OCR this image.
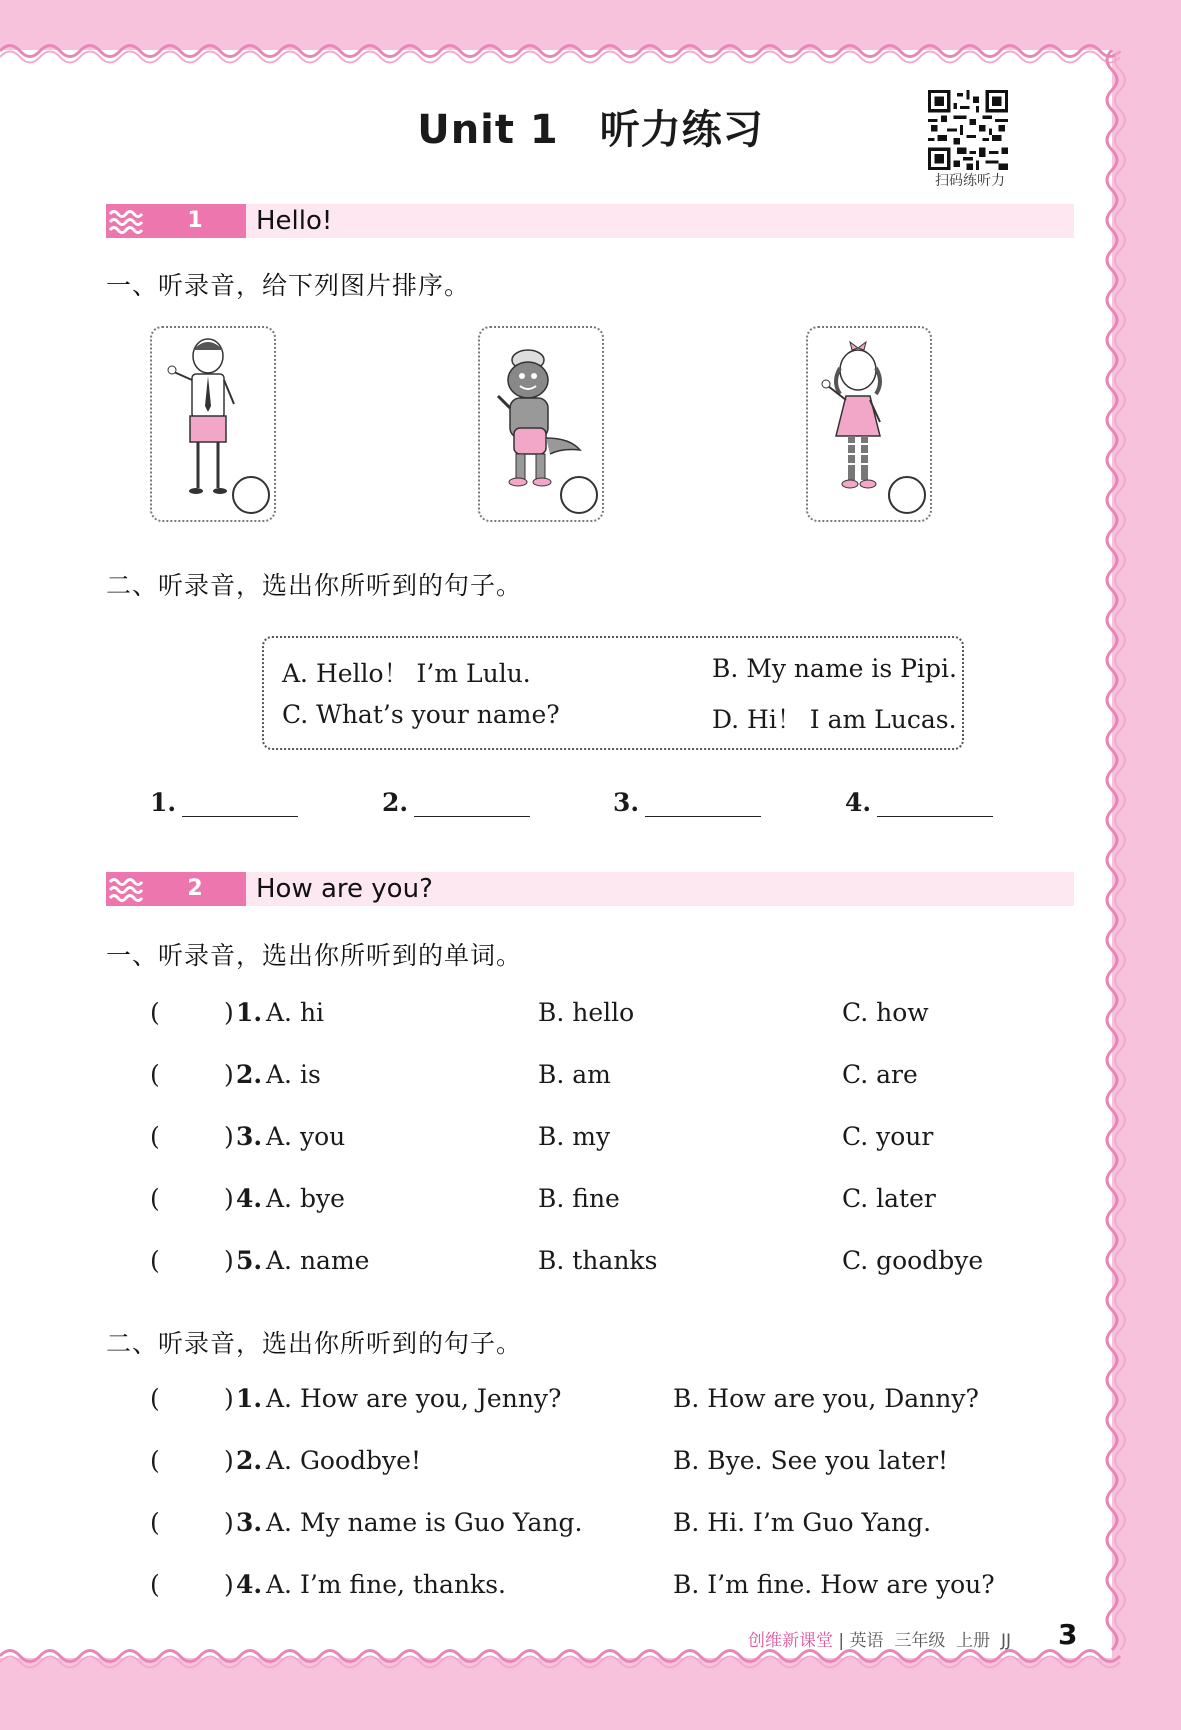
Unit 1　听力练习
扫码练听力
1	Hello!
一、听录音，给下列图片排序。
二、听录音，选出你所听到的句子。
A. Hello！ I’m Lulu.	B. My name is Pipi.
C. What’s your name?	D. Hi！ I am Lucas.
1.	2.	3.	4.
2	How are you?
一、听录音，选出你所听到的单词。
(	) 1. A. hi	B. hello	C. how
(	) 2. A. is	B. am	C. are
(	) 3. A. you	B. my	C. your
(	) 4. A. bye	B. fine	C. later
(	) 5. A. name	B. thanks	C. goodbye
二、听录音，选出你所听到的句子。
(	) 1. A. How are you, Jenny?	B. How are you, Danny?
(	) 2. A. Goodbye!	B. Bye. See you later!
(	) 3. A. My name is Guo Yang.	B. Hi. I’m Guo Yang.
(	) 4. A. I’m fine, thanks.	B. I’m fine. How are you?
创维新课堂 | 英语 三年级 上册 JJ	3
